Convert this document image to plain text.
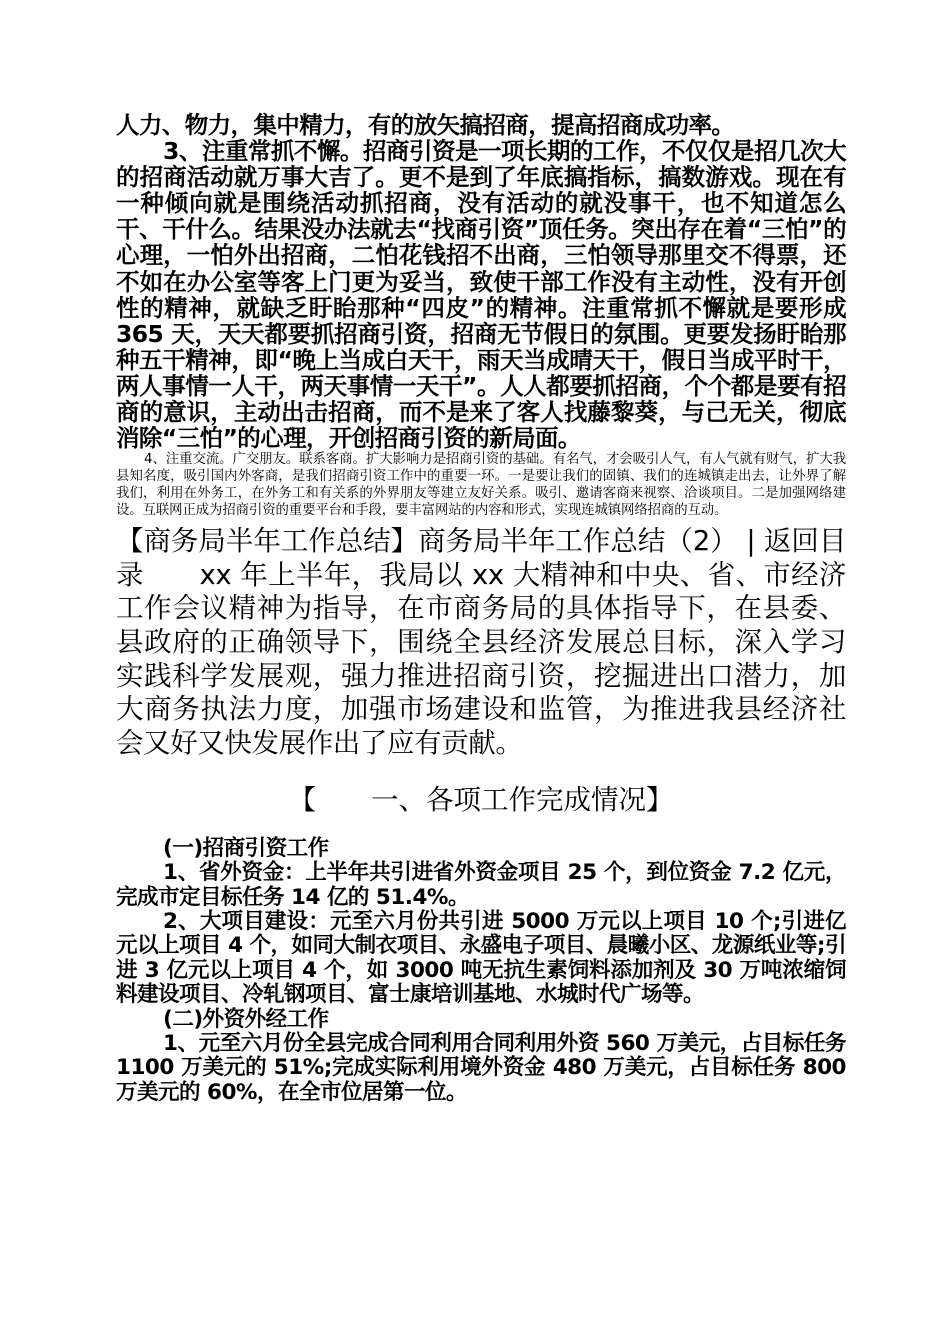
人力、物力，集中精力，有的放矢搞招商，提高招商成功率。

3、注重常抓不懈。招商引资是一项长期的工作，不仅仅是招几次大的招商活动就万事大吉了。更不是到了年底搞指标，搞数游戏。现在有一种倾向就是围绕活动抓招商，没有活动的就没事干，也不知道怎么干、干什么。结果没办法就去“找商引资”顶任务。突出存在着“三怕”的心理，一怕外出招商，二怕花钱招不出商，三怕领导那里交不得票，还不如在办公室等客上门更为妥当，致使干部工作没有主动性，没有开创性的精神，就缺乏盱眙那种“四皮”的精神。注重常抓不懈就是要形成 365 天，天天都要抓招商引资，招商无节假日的氛围。更要发扬盱眙那种五干精神，即“晚上当成白天干，雨天当成晴天干，假日当成平时干，两人事情一人干，两天事情一天干”。人人都要抓招商，个个都是要有招商的意识，主动出击招商，而不是来了客人找藤黎葵，与己无关，彻底消除“三怕”的心理，开创招商引资的新局面。

4、注重交流。广交朋友。联系客商。扩大影响力是招商引资的基础。有名气，才会吸引人气，有人气就有财气，扩大我县知名度，吸引国内外客商，是我们招商引资工作中的重要一环。一是要让我们的固镇、我们的连城镇走出去，让外界了解我们，利用在外务工，在外务工和有关系的外界朋友等建立友好关系。吸引、邀请客商来视察、洽谈项目。二是加强网络建设。互联网正成为招商引资的重要平台和手段，要丰富网站的内容和形式，实现连城镇网络招商的互动。

【商务局半年工作总结】商务局半年工作总结（2） | 返回目录　　xx 年上半年，我局以 xx 大精神和中央、省、市经济工作会议精神为指导，在市商务局的具体指导下，在县委、县政府的正确领导下，围绕全县经济发展总目标，深入学习实践科学发展观，强力推进招商引资，挖掘进出口潜力，加大商务执法力度，加强市场建设和监管，为推进我县经济社会又好又快发展作出了应有贡献。

【　　一、各项工作完成情况】

(一)招商引资工作

1、省外资金：上半年共引进省外资金项目 25 个，到位资金 7.2 亿元，完成市定目标任务 14 亿的 51.4%。

2、大项目建设：元至六月份共引进 5000 万元以上项目 10 个;引进亿元以上项目 4 个，如同大制衣项目、永盛电子项目、晨曦小区、龙源纸业等;引进 3 亿元以上项目 4 个，如 3000 吨无抗生素饲料添加剂及 30 万吨浓缩饲料建设项目、冷轧钢项目、富士康培训基地、水城时代广场等。

(二)外资外经工作

1、元至六月份全县完成合同利用合同利用外资 560 万美元，占目标任务 1100 万美元的 51%;完成实际利用境外资金 480 万美元，占目标任务 800 万美元的 60%，在全市位居第一位。
